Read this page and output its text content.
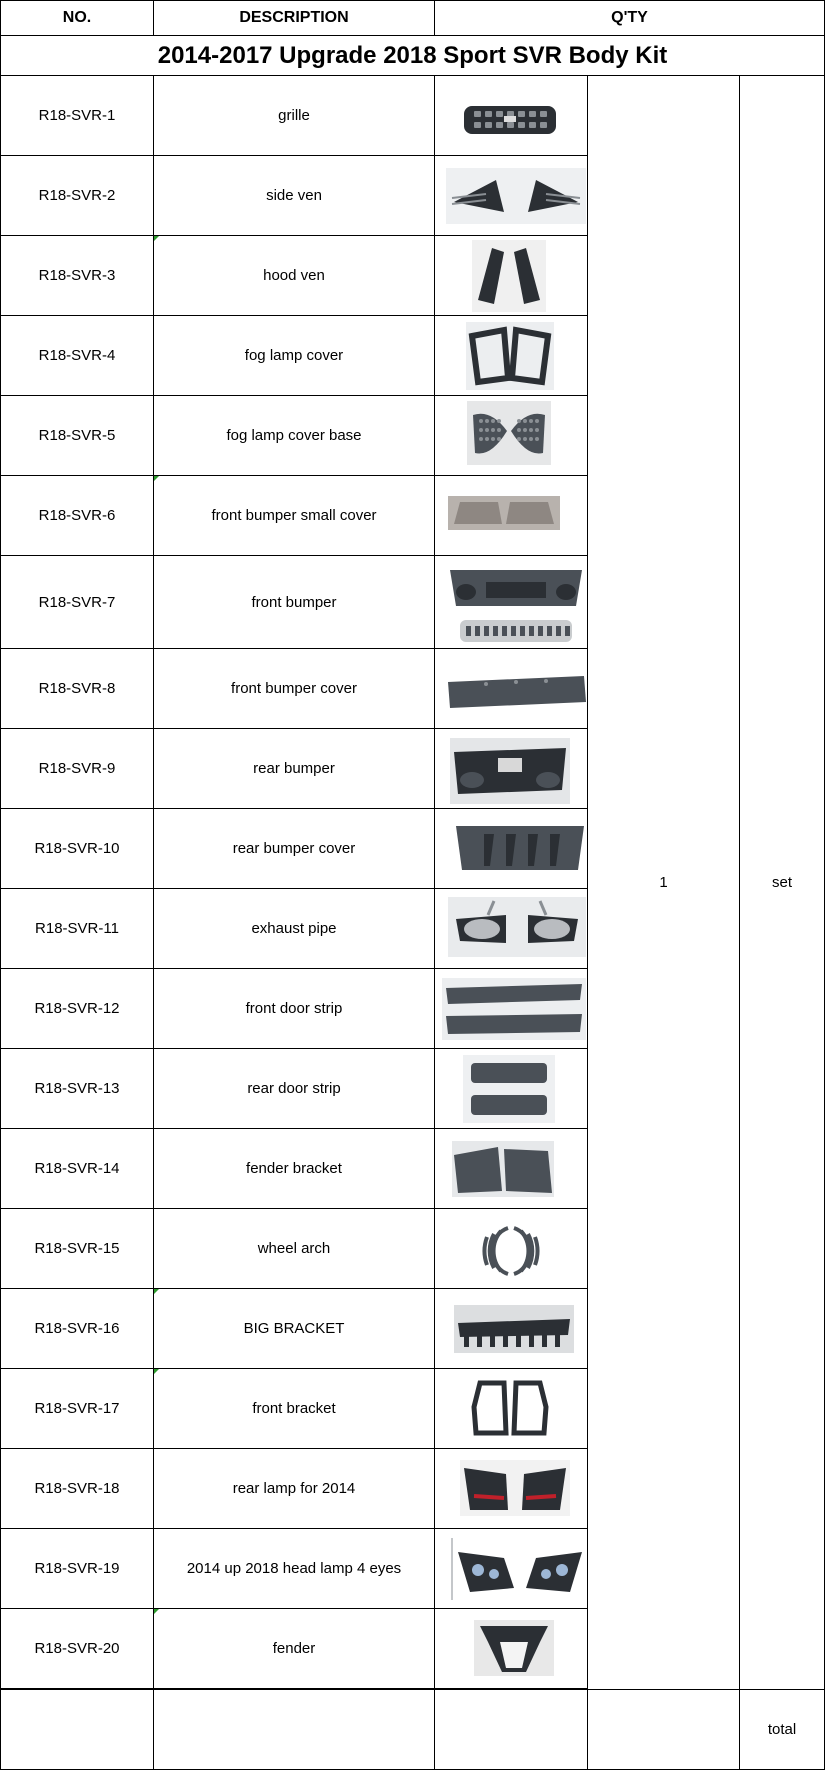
NO.	DESCRIPTION	Q'TY
2014-2017 Upgrade 2018 Sport SVR Body Kit
R18-SVR-1	grille
R18-SVR-2	side ven
R18-SVR-3	hood ven
R18-SVR-4	fog lamp cover
R18-SVR-5	fog lamp cover base
R18-SVR-6	front bumper small cover
R18-SVR-7	front bumper
R18-SVR-8	front bumper cover
R18-SVR-9	rear bumper
R18-SVR-10	rear bumper cover
R18-SVR-11	exhaust pipe
R18-SVR-12	front door strip
R18-SVR-13	rear door strip
R18-SVR-14	fender bracket
R18-SVR-15	wheel arch
R18-SVR-16	BIG BRACKET
R18-SVR-17	front bracket
R18-SVR-18	rear lamp for 2014
R18-SVR-19	2014 up 2018 head lamp 4 eyes
R18-SVR-20	fender
1	set
total
